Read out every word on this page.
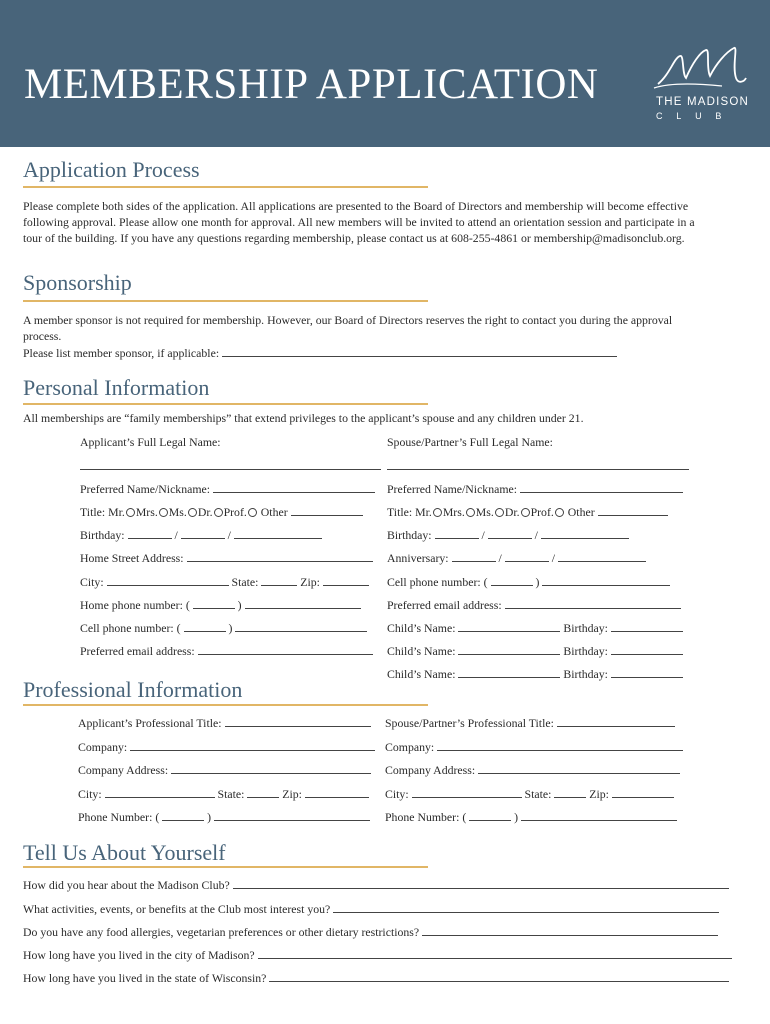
MEMBERSHIP APPLICATION	THE MADISON
CLUB
Application Process
Please complete both sides of the application. All applications are presented to the Board of Directors and membership will become effective
following approval. Please allow one month for approval. All new members will be invited to attend an orientation session and participate in a
tour of the building. If you have any questions regarding membership, please contact us at 608-255-4861 or membership@madisonclub.org.
Sponsorship
A member sponsor is not required for membership. However, our Board of Directors reserves the right to contact you during the approval
process.
Please list member sponsor, if applicable:
Personal Information
All memberships are “family memberships” that extend privileges to the applicant’s spouse and any children under 21.
Applicant’s Full Legal Name:	Spouse/Partner’s Full Legal Name:
Preferred Name/Nickname:	Preferred Name/Nickname:
Title: Mr. Mrs. Ms. Dr. Prof. Other	Title: Mr. Mrs. Ms. Dr. Prof. Other
Birthday:	/	/	Birthday:	/	/
Home Street Address:	Anniversary:	/	/
City:	State:	Zip:	Cell phone number: (	)
Home phone number: (	)	Preferred email address:
Cell phone number: (	)	Child’s Name:	Birthday:
Preferred email address:	Child’s Name:	Birthday:
Child’s Name:	Birthday:
Professional Information
Applicant’s Professional Title:	Spouse/Partner’s Professional Title:
Company:	Company:
Company Address:	Company Address:
City:	State:	Zip:	City:	State:	Zip:
Phone Number: (	)	Phone Number: (	)
Tell Us About Yourself
How did you hear about the Madison Club?
What activities, events, or benefits at the Club most interest you?
Do you have any food allergies, vegetarian preferences or other dietary restrictions?
How long have you lived in the city of Madison?
How long have you lived in the state of Wisconsin?
